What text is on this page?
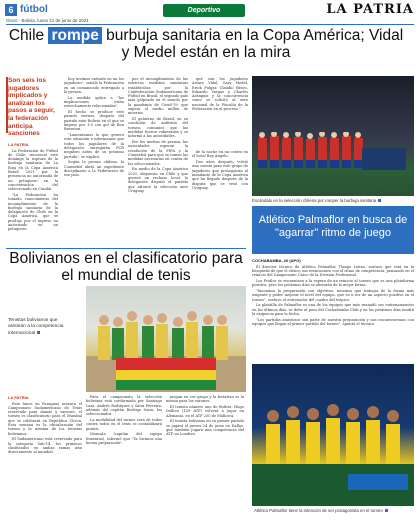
6 fútbol	Deportivo	LA PATRIA
Oruro - Bolivia, lunes 21 de junio de 2021
Chile rompe burbuja sanitaria en la Copa América; Vidal y Medel están en la mira
Son seis los jugadores implicados y analizan los pasos a seguir, la federación anticipa sanciones
LA PATRIA

La Federación de Fútbol de Chile, reconoció este domingo la ruptura de la burbuja sanitaria de La Roja en la Copa América Brasil 2021 por la presencia no autorizada de un peluquero en la concentración del seleccionado en Cuiabá.

"La Federación ha tomado conocimiento del incumplimiento de la burbuja sanitaria de la delegación de Chile en la Copa América, que se produjo por el ingreso no autorizado en un peluquero

hoy tuvimos entrada en un los jugadores", señaló la Federación en un comunicado entregado a la prensa.

La medida aplica a "las implicaciones están estrechamente relacionadas".

El hecho se produce este pasado viernes, después del partido ante Bolivia en el que se impuso por 1-0 con gol de Ben Brereton.

"Lamentamos lo que generó esta situación e informamos que todos los jugadores de la delegación entregarán PCR negativo antes de su próximo partido", se explicó.

Según la prensa chilena, la Conmebol abrió un expediente disciplinario a la Federación de ese país.

por el incumplimiento de las estrictas medidas sanitarias establecidas por la Confederación Sudamericana de Fútbol en Brasil, el segundo país más golpeado en el mundo por la pandemia de Covid-19, que supera el medio millón de muertos.

El gobierno de Brasil, en su condición de anfitrión del torneo, comunicó que las medidas fueron vulneradas y se informó a las autoridades.

Por los medios de prensa, las autoridades esperan la resolución de la FIFA y la Conmebol para que se tomen las medidas necesarias en contra de los seleccionados.

En medio de la Copa América 2021, dispuesta en Chile y que generó un rechazo local, la delegación disputó el partido que afrontó la selección ante Uruguay.

qué son los jugadores Arturo Vidal, Gary Medel, Erick Pulgar, Claudio Bravo, Eduardo Vargas y Charles Aránguiz y la concurrencia como se solicitó al ente nacional de la Fiscalía de la Federación en el proceso ".

Escándalo en la selección chilena por romper la burbuja sanitaria
Atlético Palmaflor en busca de "agarrar" ritmo de juego

de la noche en un centro en el hotel Ray Angelo.

Dos años después, volvió una cuenta para este grupo de jugadores que protagoniza al mandante de la Copa América que ha llegado después de la disputa que se vivió con Uruguay.

Bolivianos en el clasificatorio para el mundial de tenis
Tenistas bolivianos que asistirán a la competencia internacional
LA PATRIA

Este lunes en Paraguay arranca el Campeonato Sudamericano de Tenis reservado para damas y varones, el torneo es clasificatorio para el Mundial que se celebrará en República Checa. Esta semana es la oficialización del torneo y la nómina de los tenistas bolivianos.

El Sudamericano está reservado para la categoría Sub-14, los primeros clasificados en ambas ramas irán directamente al mundial.

Para el campeonato la selección boliviana está conformada por Santiago Lara, Andrés Rodríguez y Saira Ferreira, además del capitán Rodrigo Soria, los seleccionados.

La modalidad del torneo será de todos contra todos en el tenis se contabilizará puntos.

Mancala (capitán del equipo femenino), informó que "Ya hicimos una buena preparación".

juegan en ese grupo y la fortaleza es la misma para los varones.

El tenista número uno de Bolivia, Hugo Dellien (129 ATP) volverá a jugar en Alemania, en el ATP 250 de Mallorca.

El tenista boliviano en su primer partido se jugará el jueves 24 de junio en Dallas, que también jugará una competencia del ATP en Londres.

COCHABAMBA, 20 (APG)

El director técnico de Atlético Palmaflor, Thiago Leitao, sostuvo que está en la búsqueda de que el elenco sus reencuentro con el ritmo de competencia, pensando en el reinicio del Campeonato Único de la División Profesional.

Los Frailes se encuentran a la espera de un reinicio al torneo que es una plataforma positiva, pero los próximos días se alistarán de la mejor forma.

"Iniciamos la preparación con objetivos, tenemos que trabajar de la forma más exigente y poder mejorar el nivel del equipo, que va a ser de un aspecto positivo en el torneo", sostuvo el entrenador del cuadro del trópico.

La plantilla de Palmaflor es una de los equipos que más reanudó sus entrenamientos en los últimos días, se debe al paso del Cochabamba Club y en los próximos días tendrá la exigencia para la fecha.

"Los partidos amistosos son parte de nuestra preparación y nos encontraremos con equipos que llegan al primer partido del torneo", apuntó el técnico.

Atlético Palmaflor tiene la intención de ser protagonista en el torneo
